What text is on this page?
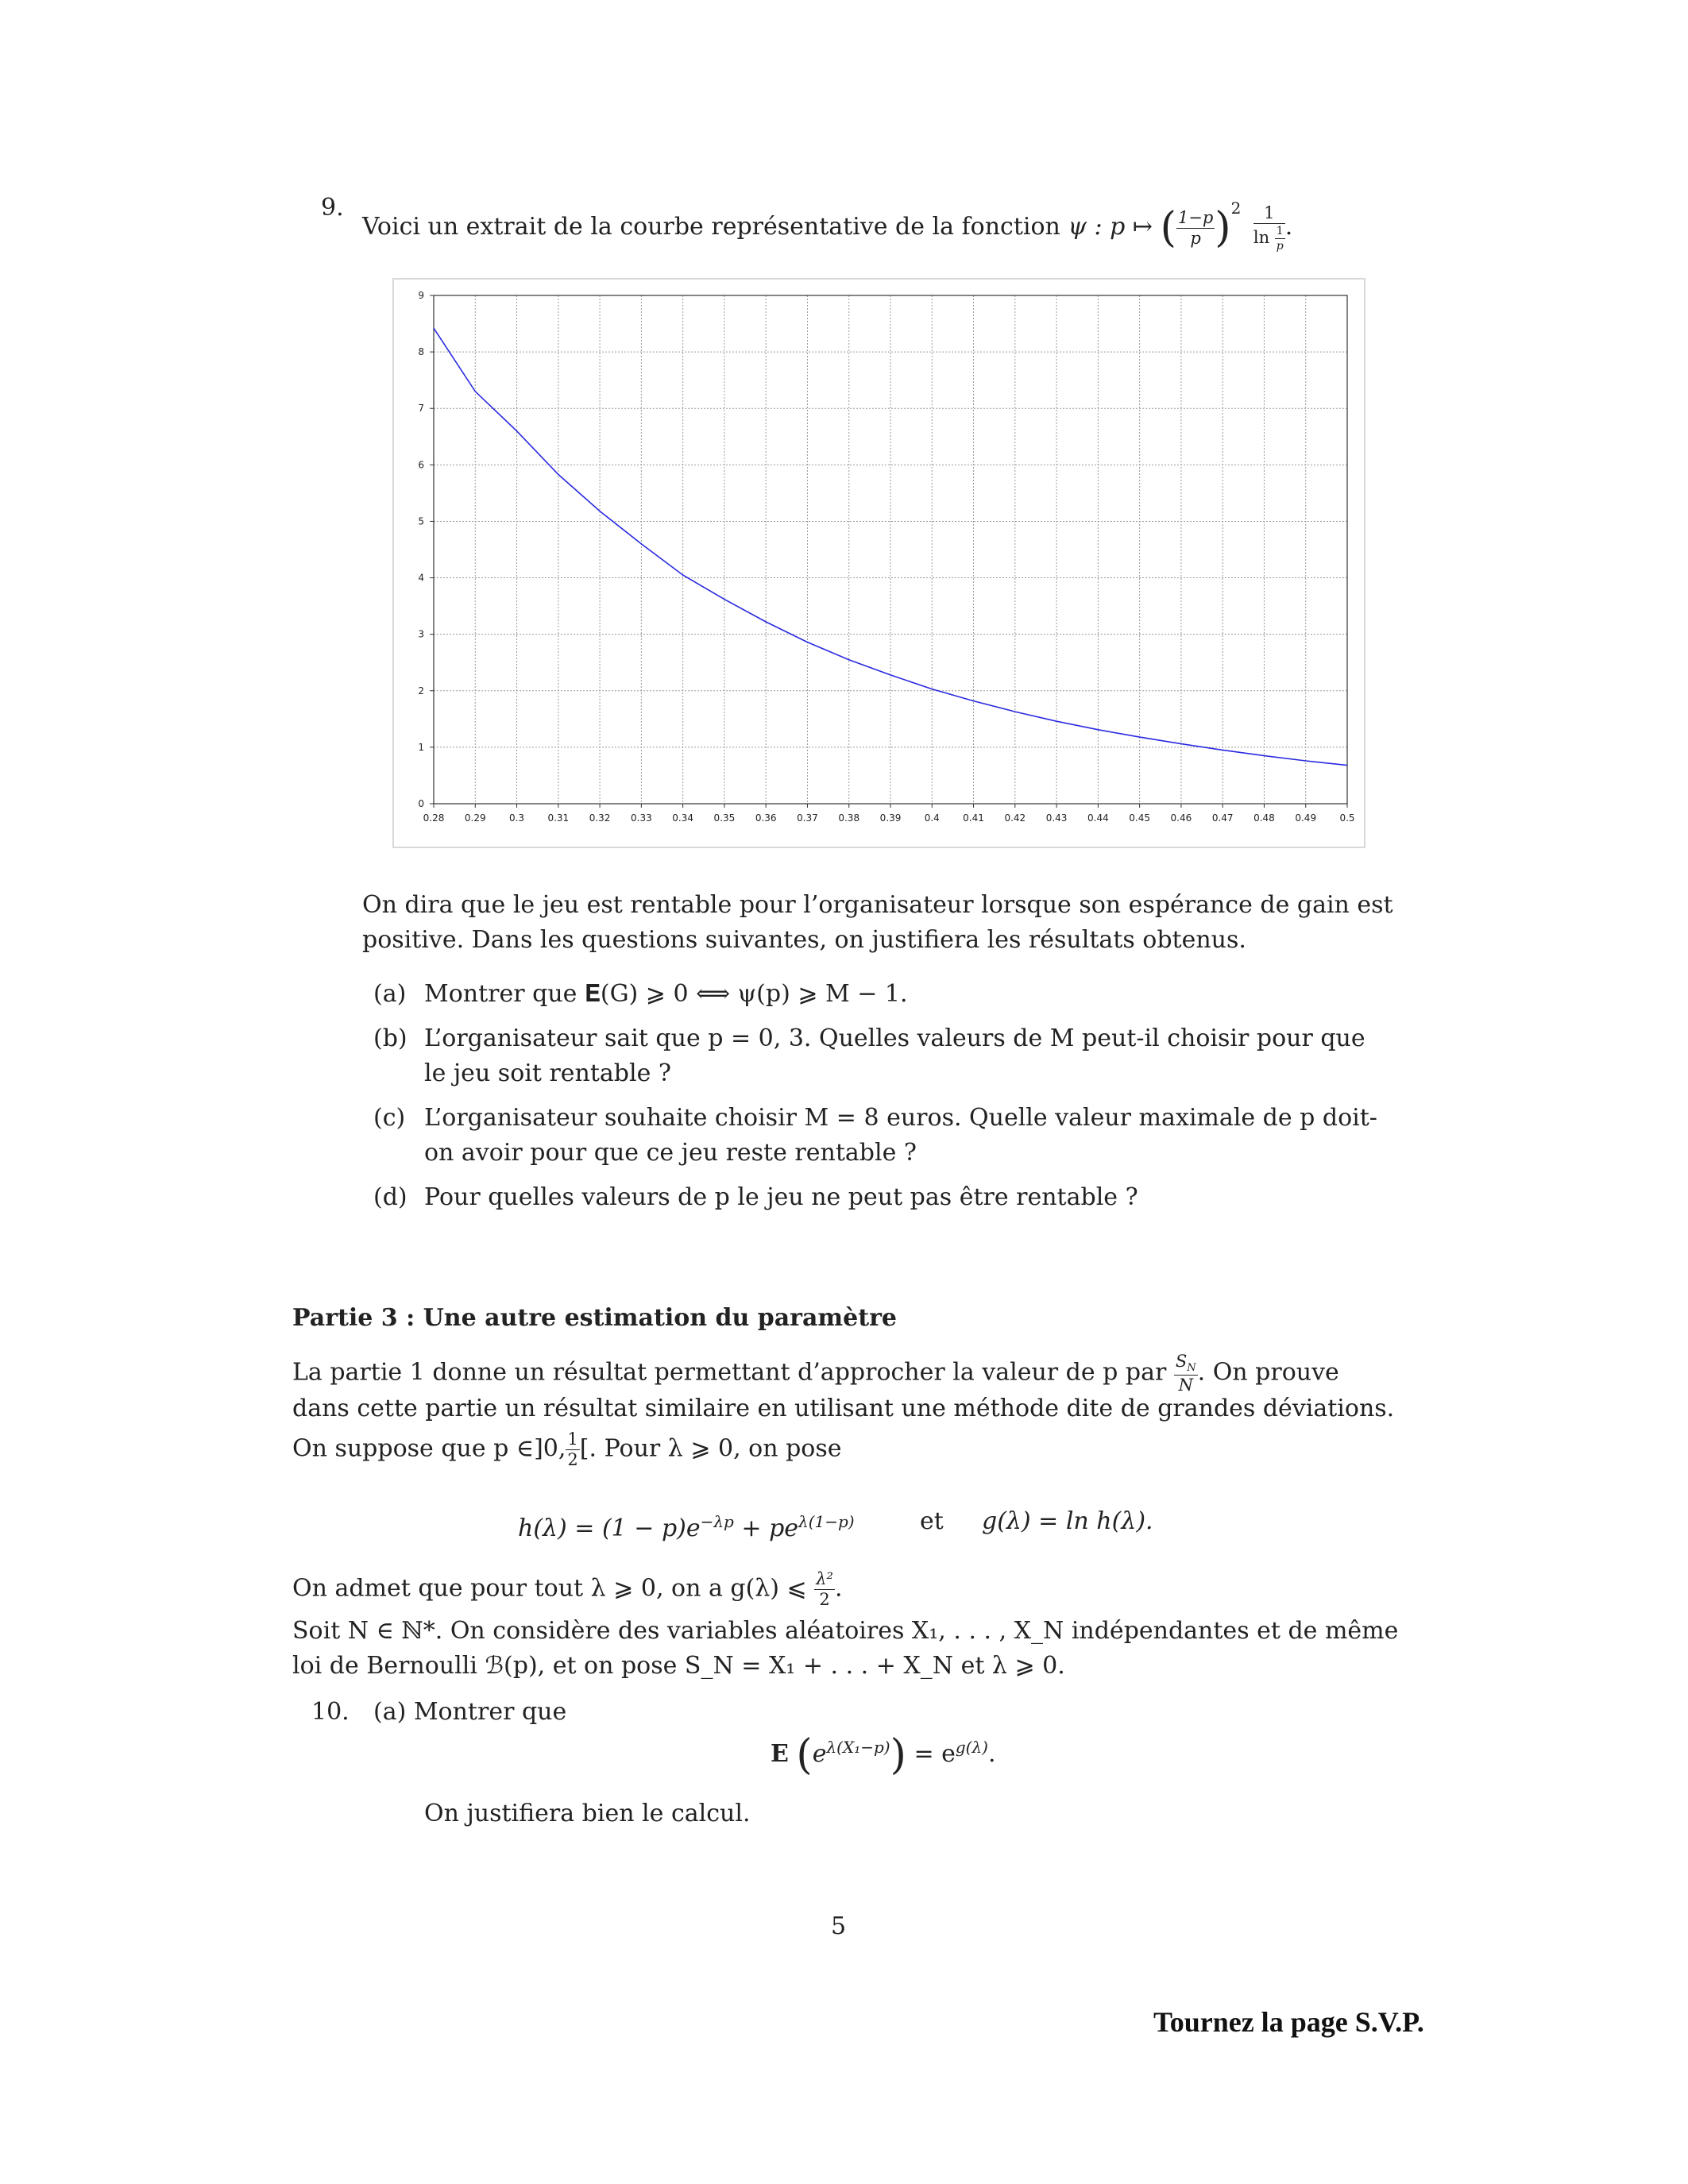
9.
Voici un extrait de la courbe représentative de la fonction ψ : p ↦ ( $\frac{1-p}{p} )^2 \frac{1}{\ln \frac{1}{p}}$ .
0.28 0.29 0.3 0.31 0.32 0.33 0.34 0.35 0.36 0.37 0.38 0.39 0.4 0.41 0.42 0.43 0.44 0.45 0.46 0.47 0.48 0.49 0.5
0
1
2
3
4
5
6
7
8
9
On dira que le jeu est rentable pour l’organisateur lorsque son espérance de gain est
positive. Dans les questions suivantes, on justifiera les résultats obtenus.
(a) Montrer que 𝐄(G) ⩾ 0 ⟺ ψ(p) ⩾ M − 1.
(b) L’organisateur sait que p = 0, 3. Quelles valeurs de M peut-il choisir pour que
le jeu soit rentable ?
(c) L’organisateur souhaite choisir M = 8 euros. Quelle valeur maximale de p doit-
on avoir pour que ce jeu reste rentable ?
(d) Pour quelles valeurs de p le jeu ne peut pas être rentable ?
Partie 3 : Une autre estimation du paramètre
La partie 1 donne un résultat permettant d’approcher la valeur de p par $\frac{S_N}{N}$ . On prouve
dans cette partie un résultat similaire en utilisant une méthode dite de grandes déviations.
On suppose que p ∈]0, $\frac{1}{2}$ [. Pour λ ⩾ 0, on pose
$h(\lambda) = (1 - p)e^{-\lambda p} + pe^{\lambda(1-p)}$	et g(λ) = ln h(λ).
On admet que pour tout λ ⩾ 0, on a g(λ) ⩽ $\frac{\text{λ²}}{2}$ .
Soit N ∈ ℕ*. On considère des variables aléatoires X₁, . . . , X_N indépendantes et de même
loi de Bernoulli ℬ(p), et on pose S_N = X₁ + . . . + X_N et λ ⩾ 0.
10. (a) Montrer que
𝐄 $(e^{\lambda(X_1-p)}) = e^{g(\lambda)}$.
On justifiera bien le calcul.
5
Tournez la page S.V.P.
